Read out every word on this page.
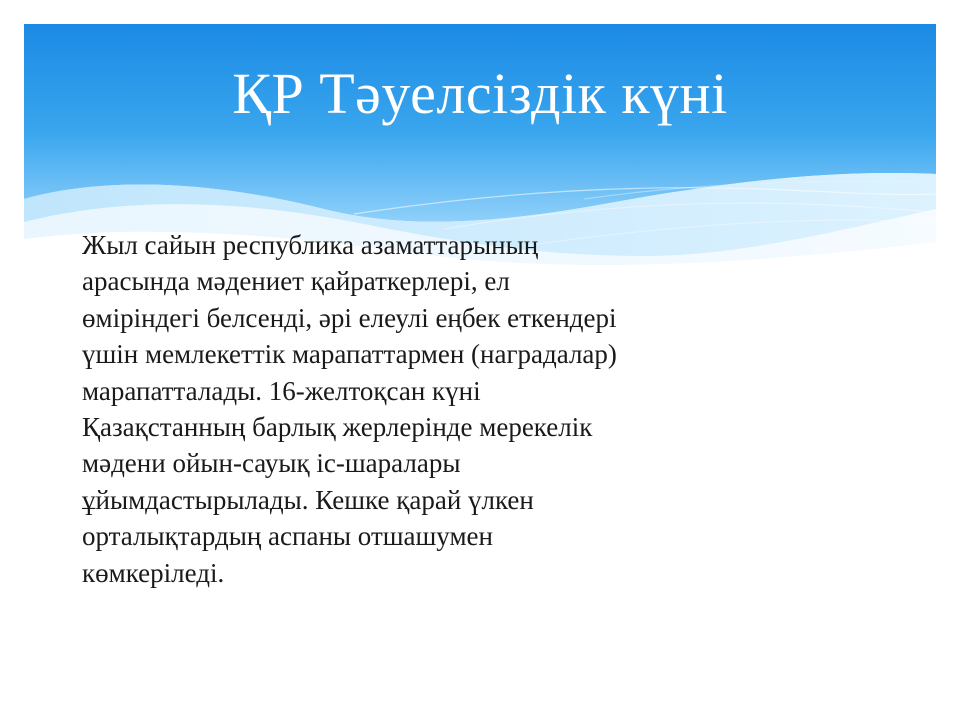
ҚР Тәуелсіздік күні

Жыл сайын республика азаматтарының арасында мәдениет қайраткерлері, ел өміріндегі белсенді, әрі елеулі еңбек еткендері үшін мемлекеттік марапаттармен (наградалар) марапатталады. 16-желтоқсан күні Қазақстанның барлық жерлерінде мерекелік мәдени ойын-сауық іс-шаралары ұйымдастырылады. Кешке қарай үлкен орталықтардың аспаны отшашумен көмкеріледі.
